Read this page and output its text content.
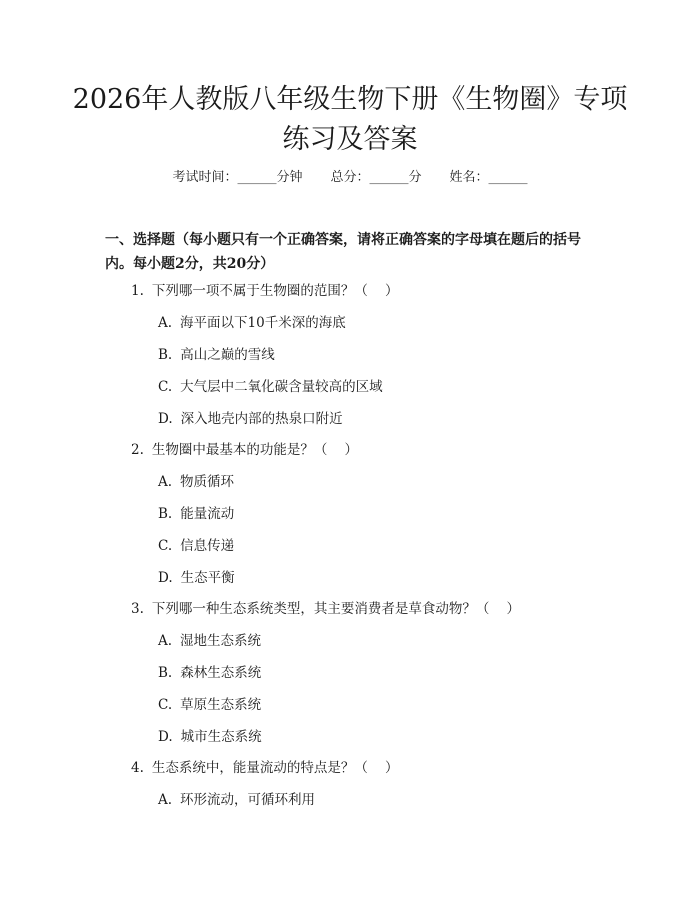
2026年人教版八年级生物下册《生物圈》专项练习及答案
考试时间：______分钟 总分：______分 姓名：______

一、选择题（每小题只有一个正确答案，请将正确答案的字母填在题后的括号内。每小题2分，共20分）

1. 下列哪一项不属于生物圈的范围？（    ）
A. 海平面以下10千米深的海底
B. 高山之巅的雪线
C. 大气层中二氧化碳含量较高的区域
D. 深入地壳内部的热泉口附近
2. 生物圈中最基本的功能是？（    ）
A. 物质循环
B. 能量流动
C. 信息传递
D. 生态平衡
3. 下列哪一种生态系统类型，其主要消费者是草食动物？（    ）
A. 湿地生态系统
B. 森林生态系统
C. 草原生态系统
D. 城市生态系统
4. 生态系统中，能量流动的特点是？（    ）
A. 环形流动，可循环利用
